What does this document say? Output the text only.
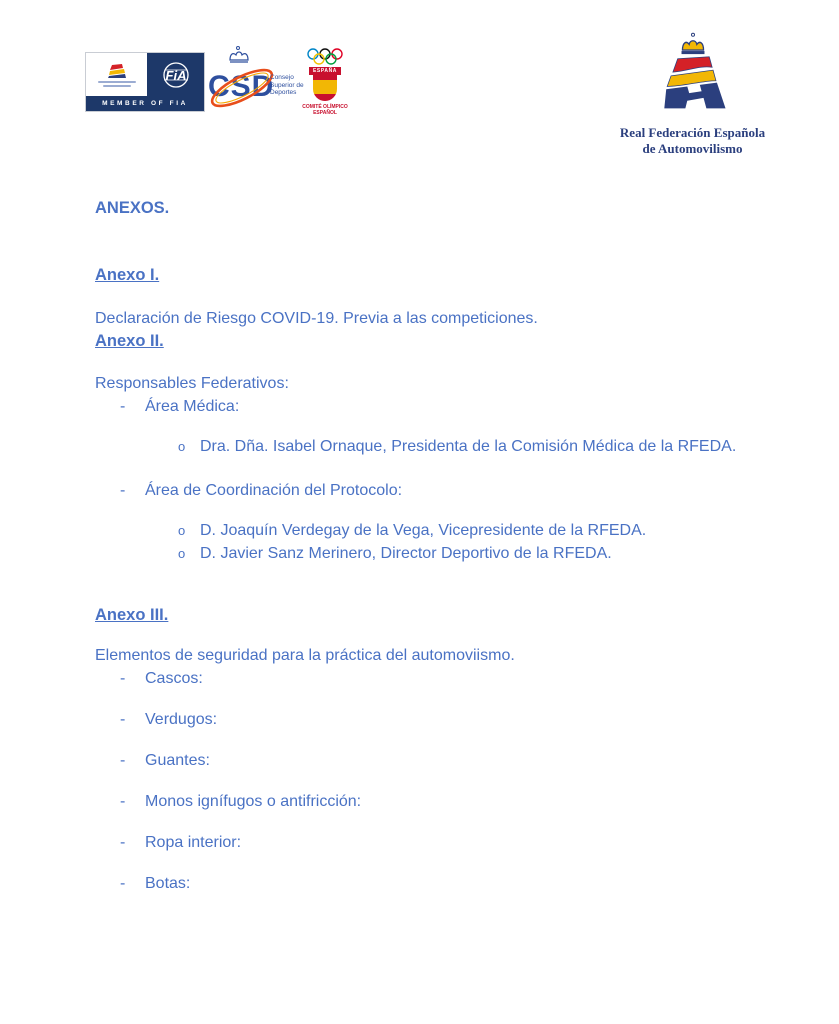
FiA
MEMBER OF FIA
CSD
Consejo Superior de Deportes
ESPAÑA
COMITÉ OLÍMPICO ESPAÑOL
Real Federación Española
de Automovilismo
ANEXOS.
Anexo I.

Declaración de Riesgo COVID-19. Previa a las competiciones.

Anexo II.

Responsables Federativos:

-	Área Médica:
o Dra. Dña. Isabel Ornaque, Presidenta de la Comisión Médica de la RFEDA.
-	Área de Coordinación del Protocolo:
o D. Joaquín Verdegay de la Vega, Vicepresidente de la RFEDA.
o D. Javier Sanz Merinero, Director Deportivo de la RFEDA.
Anexo III.

Elementos de seguridad para la práctica del automoviismo.

-	Cascos:
-	Verdugos:
-	Guantes:
-	Monos ignífugos o antifricción:
-	Ropa interior:
-	Botas:
